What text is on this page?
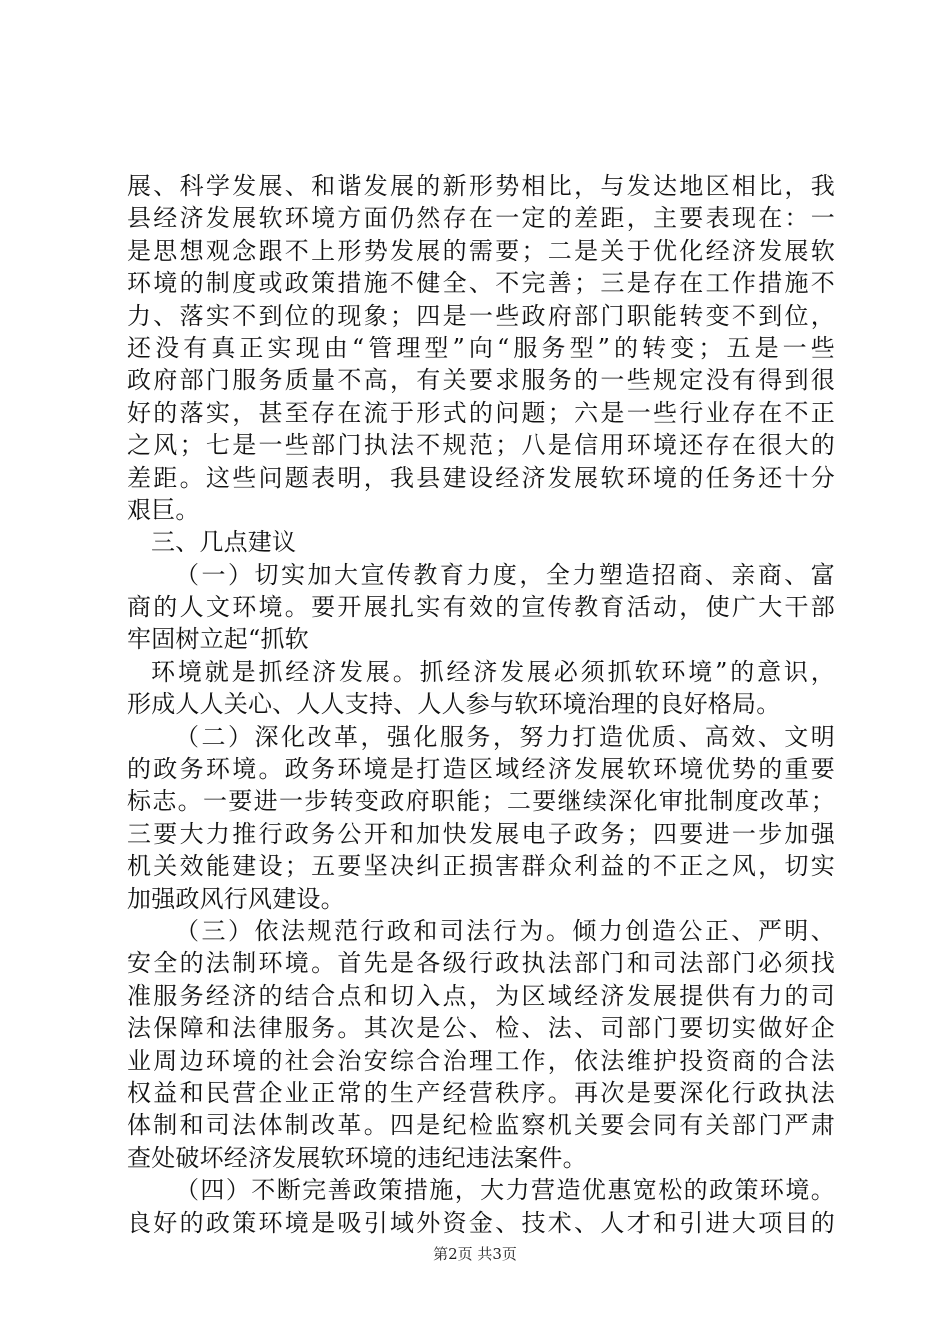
展、科学发展、和谐发展的新形势相比，与发达地区相比，我
县经济发展软环境方面仍然存在一定的差距，主要表现在：一
是思想观念跟不上形势发展的需要；二是关于优化经济发展软
环境的制度或政策措施不健全、不完善；三是存在工作措施不
力、落实不到位的现象；四是一些政府部门职能转变不到位，
还没有真正实现由“管理型”向“服务型”的转变；五是一些
政府部门服务质量不高，有关要求服务的一些规定没有得到很
好的落实，甚至存在流于形式的问题；六是一些行业存在不正
之风；七是一些部门执法不规范；八是信用环境还存在很大的
差距。这些问题表明，我县建设经济发展软环境的任务还十分
艰巨。
三、几点建议
（一）切实加大宣传教育力度，全力塑造招商、亲商、富
商的人文环境。要开展扎实有效的宣传教育活动，使广大干部
牢固树立起“抓软
环境就是抓经济发展。抓经济发展必须抓软环境”的意识，
形成人人关心、人人支持、人人参与软环境治理的良好格局。
（二）深化改革，强化服务，努力打造优质、高效、文明
的政务环境。政务环境是打造区域经济发展软环境优势的重要
标志。一要进一步转变政府职能；二要继续深化审批制度改革；
三要大力推行政务公开和加快发展电子政务；四要进一步加强
机关效能建设；五要坚决纠正损害群众利益的不正之风，切实
加强政风行风建设。
（三）依法规范行政和司法行为。倾力创造公正、严明、
安全的法制环境。首先是各级行政执法部门和司法部门必须找
准服务经济的结合点和切入点，为区域经济发展提供有力的司
法保障和法律服务。其次是公、检、法、司部门要切实做好企
业周边环境的社会治安综合治理工作，依法维护投资商的合法
权益和民营企业正常的生产经营秩序。再次是要深化行政执法
体制和司法体制改革。四是纪检监察机关要会同有关部门严肃
查处破坏经济发展软环境的违纪违法案件。
（四）不断完善政策措施，大力营造优惠宽松的政策环境。
良好的政策环境是吸引域外资金、技术、人才和引进大项目的
第2页 共3页
